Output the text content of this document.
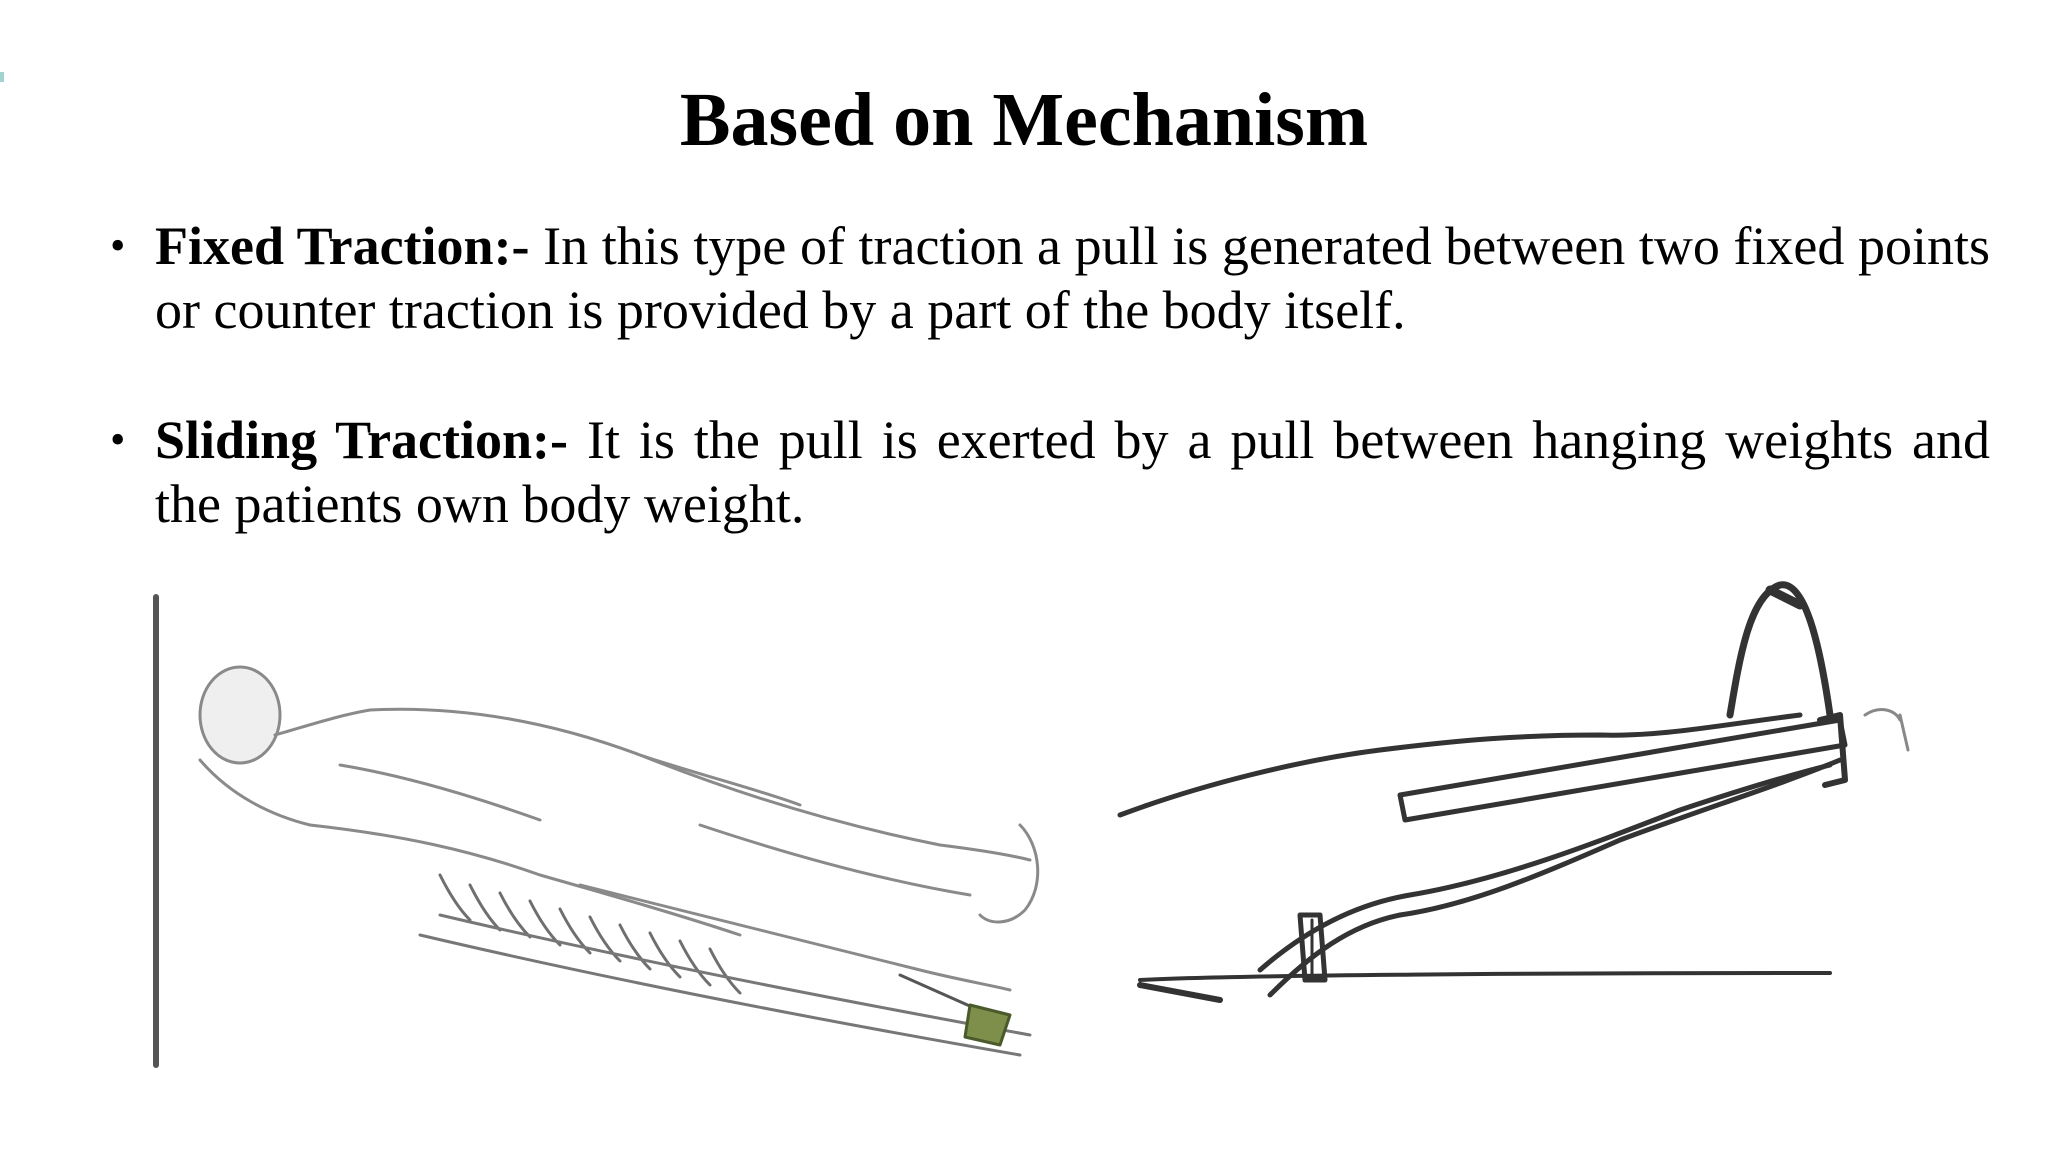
Based on Mechanism
• Fixed Traction:- In this type of traction a pull is generated between two fixed points or counter traction is provided by a part of the body itself.
• Sliding Traction:- It is the pull is exerted by a pull between hanging weights and the patients own body weight.
